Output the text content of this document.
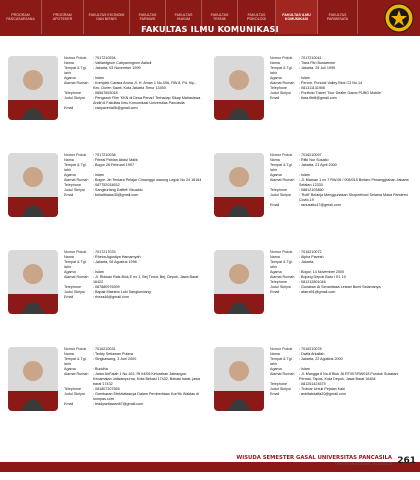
PROGRAM
PASCASARJANA
PROGRAM
APOTEKER
FAKULTAS EKONOMI
DAN BISNIS
FAKULTAS
FARMASI
FAKULTAS
HUKUM
FAKULTAS
TEKNIK
FAKULTAS
PSIKOLOGI
FAKULTAS ILMU
KOMUNIKASI
FAKULTAS
PARIWISATA
FAKULTAS ILMU KOMUNIKASI
ILMU KOMUNIKASI (S1)
Nomor Pokok	: 7017210254
Nama	: Valliantgrum Cahyaningrum Asfadi
Tempat & Tgl. lahir
: Jakarta, 03 November 1999
Agama	: Islam
Alamat Rumah	: Komplek Caraka Aruna Jl. H. Aman 1 No.49A, RW.8, Pd. Kip., Kec. Duren Sawit, Kota Jakarta Timur 13450
Telephone	: 08567653018
Judul Skripsi	: Pengaruh Film 'KKN di Desa Penari' Terhadap Sikap Mahasiswa Ahdif di Fakultas Ilmu Komunikasi Universitas Pancasila
Email	: cahyaveria06@gmail.com
Nomor Pokok	: 7017210041
Nama	: Tiara Fitri Bustamme
Tempat & Tgl. lahir
: Jakarta, 25 Juli 1999
Agama	: Islam
Alamat Rumah	: Perum. Pondok Valley Blok C3 No.14
Telephone	: 081311131906
Judul Skripsi	: Portfolio Travel 'Tour Dealer Game PUBG Mobile'
Email	: tiara.fitri8@gmail.com
Nomor Pokok	: 7017210038
Nama	: Fitreal Pahlan Abdul Malik
Tempat & Tgl. lahir
: Bogor 26 Februari 1997
Agama	: Islam
Alamat Rumah	: Bogor. Jln Tentara Pelajar Cimanggu warung Legok No 24 16164
Telephone	: 087752034632
Judul Skripsi	: Sangkurlang Daffeft Visualdo
Email	: fmkalthalas30@gmail.com
Nomor Pokok	: 7016210097
Nama	: Rifki Nur Susatio
Tempat & Tgl. lahir
: Jakarta, 21 April 2000
Agama	: Islam
Alamat Rumah	: Jl. Maman 1 no 7 RW.06 / 005/015 Bintaro Pesanggrahan Jakarta Selatan 12330
Telephone	: 08812103850
Judul Skripsi	: 'Rolif' Belanja Menggunakan Shopeefood Selama Masa Pandemi Covid-19
Email	: ranusatio47@gmail.com
Nomor Pokok	: 7017217033
Nama	: Rheza Agustiya Hamamyah
Tempat & Tgl. lahir
: Jakarta, 08 Agustus 1998
Agama	: Islam
Alamat Rumah	: Jl. Ridwan Rais Blok E no 1, Bej Timur, Bej, Depok, Jawa Barat 16422
Telephone	: 087880976399
Judul Skripsi	: Bapak Maestro Loki Sangkordang
Email	: rheza46@gmail.com
Nomor Pokok	: 7016210072
Nama	: Alpha Pavesh
Tempat & Tgl. lahir
: Jakarta,
Agama	: Bogor, 14 November 2000
Alamat Rumah	: Bojong Depok Baru I E1 10
Telephone	: 081212801046
Judul Skripsi	: Gunakan Ai Senantiasa Lestari Bumi Selamanya
Email	: afarra91@gmail.com
Nomor Pokok	: 7016210031
Nama	: Teddy Setiawan Putera
Tempat & Tgl. lahir
: Singkawang, 3 Juni 2000
Agama	: Buddha
Alamat Rumah	: Jalan AirFalah 1 No.102, Rt 04/06 Kelurahan Jatirangon Kecamatan Jatisampurna, Kota Bekasi 17432, Bekasi barat, jawa barat 17432
Telephone	: 081807207555
Judul Skripsi	: Gambaran Efektivitasnya Dalam Pemberitaan Kon'fik Waktas di sompas.com
Email	: teddysetiawan67@gmail.com
Nomor Pokok	: 7016210078
Nama	: Dwifa Arkallah
Tempat & Tgl. lahir
: Jakarta, 22 Agustus 2000
Agama	: Islam
Alamat Rumah	: Jl. Mangga 8 No.8 Blok J6 RT007/RW018 Pondok Sukatani Permai, Tapos, Kota Depok, Jawa Barat 16454
Telephone	: 081251424575
Judul Skripsi	: Trotoar Untuk Pejalan Kaki
Email	: anbifabdaffa20@gmail.com
WISUDA SEMESTER GASAL UNIVERSITAS PANCASILA
TAHUN AKADEMIK 2022/2023 261
